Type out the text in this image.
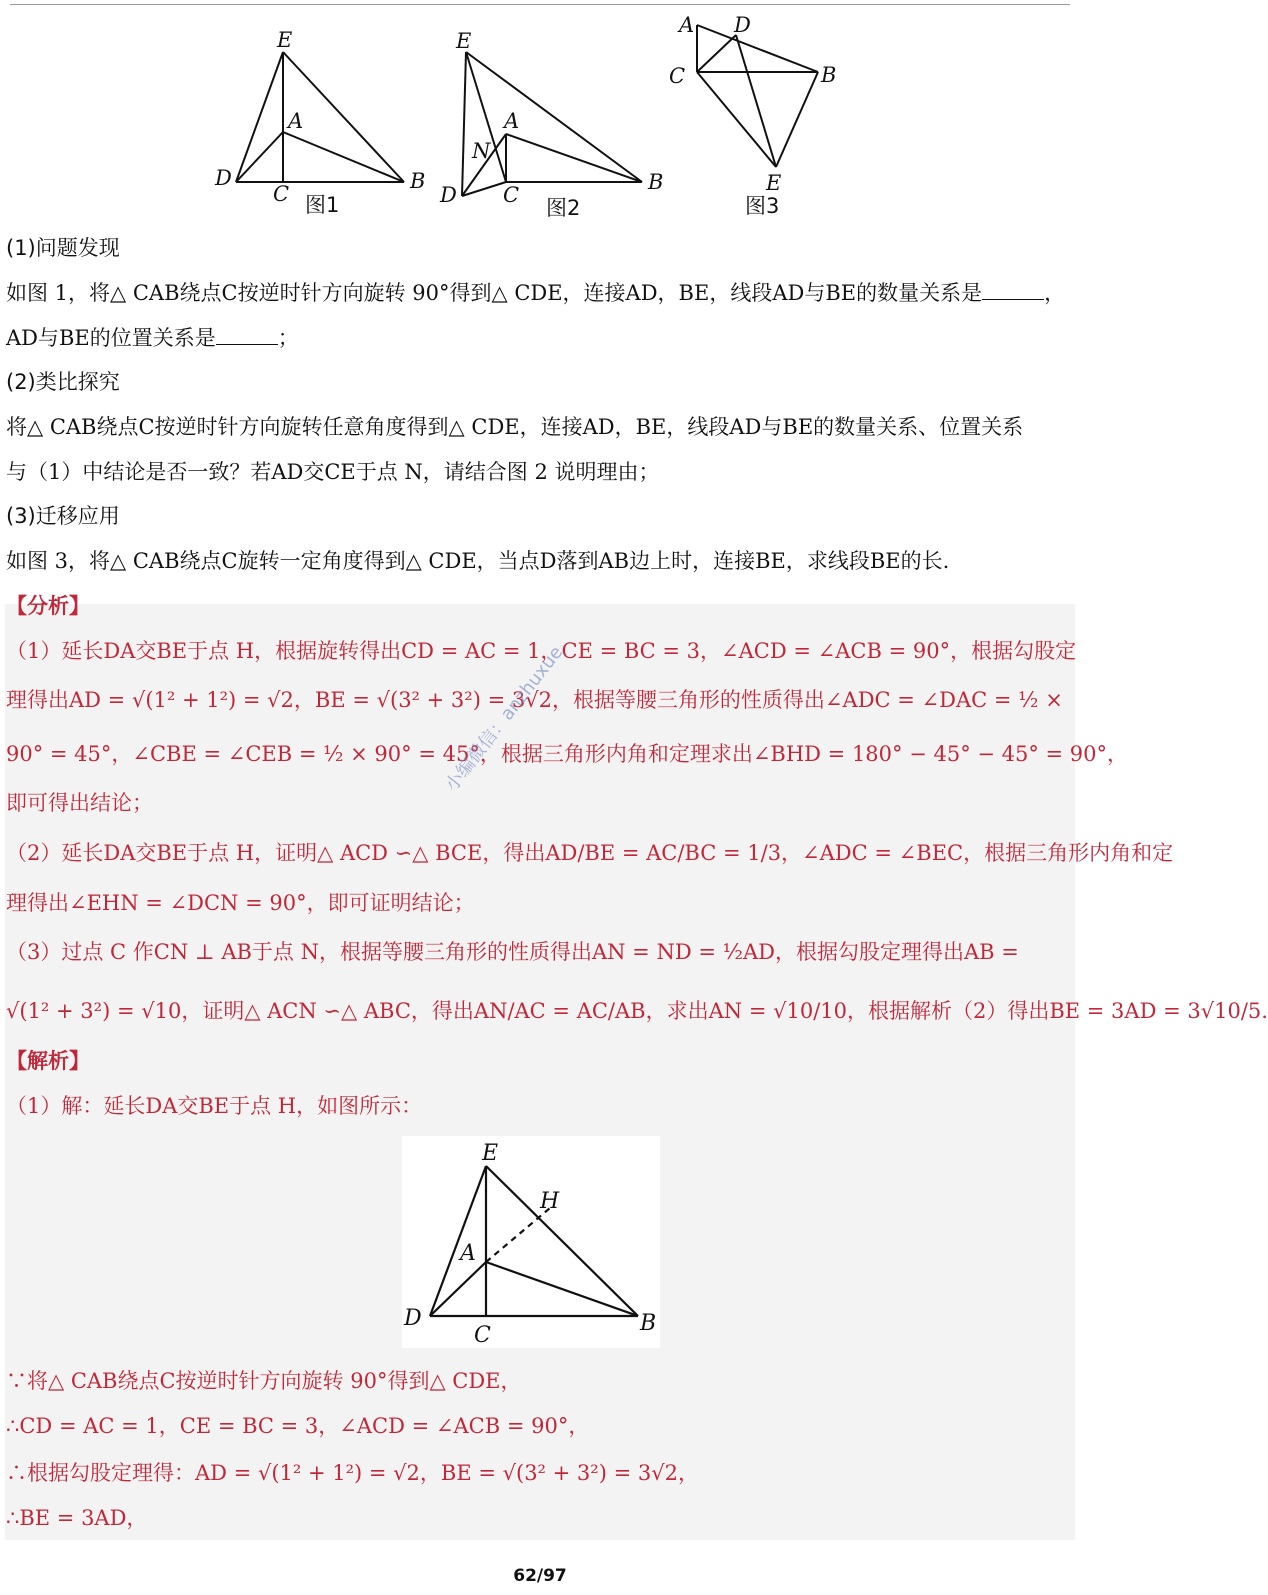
E
A
D
C
B
图1
E
A
N
D C
B
图2
A D
C	B
E
图3
(1)问题发现
如图 1，将△ CAB绕点C按逆时针方向旋转 90°得到△ CDE，连接AD，BE，线段AD与BE的数量关系是	，
AD与BE的位置关系是	；
(2)类比探究
将△ CAB绕点C按逆时针方向旋转任意角度得到△ CDE，连接AD，BE，线段AD与BE的数量关系、位置关系
与（1）中结论是否一致？若AD交CE于点 N，请结合图 2 说明理由；
(3)迁移应用
如图 3，将△ CAB绕点C旋转一定角度得到△ CDE，当点D落到AB边上时，连接BE，求线段BE的长.
【分析】
（1）延长DA交BE于点 H，根据旋转得出CD = AC = 1，CE = BC = 3，∠ACD = ∠ACB = 90°，根据勾股定
理得出AD = √(1² + 1²) = √2，BE = √(3² + 3²) = 3√2，根据等腰三角形的性质得出∠ADC = ∠DAC = ½ ×
90° = 45°，∠CBE = ∠CEB = ½ × 90° = 45°，根据三角形内角和定理求出∠BHD = 180° − 45° − 45° = 90°，
即可得出结论；
（2）延长DA交BE于点 H，证明△ ACD ∽△ BCE，得出AD/BE = AC/BC = 1/3，∠ADC = ∠BEC，根据三角形内角和定
理得出∠EHN = ∠DCN = 90°，即可证明结论；
（3）过点 C 作CN ⊥ AB于点 N，根据等腰三角形的性质得出AN = ND = ½AD，根据勾股定理得出AB =
√(1² + 3²) = √10，证明△ ACN ∽△ ABC，得出AN/AC = AC/AB，求出AN = √10/10，根据解析（2）得出BE = 3AD = 3√10/5.
【解析】
（1）解：延长DA交BE于点 H，如图所示：
E
H
A
D
C	B
∵将△ CAB绕点C按逆时针方向旋转 90°得到△ CDE，
∴CD = AC = 1，CE = BC = 3，∠ACD = ∠ACB = 90°，
∴根据勾股定理得：AD = √(1² + 1²) = √2，BE = √(3² + 3²) = 3√2，
∴BE = 3AD，
小编微信：anzhuxue
62/97
